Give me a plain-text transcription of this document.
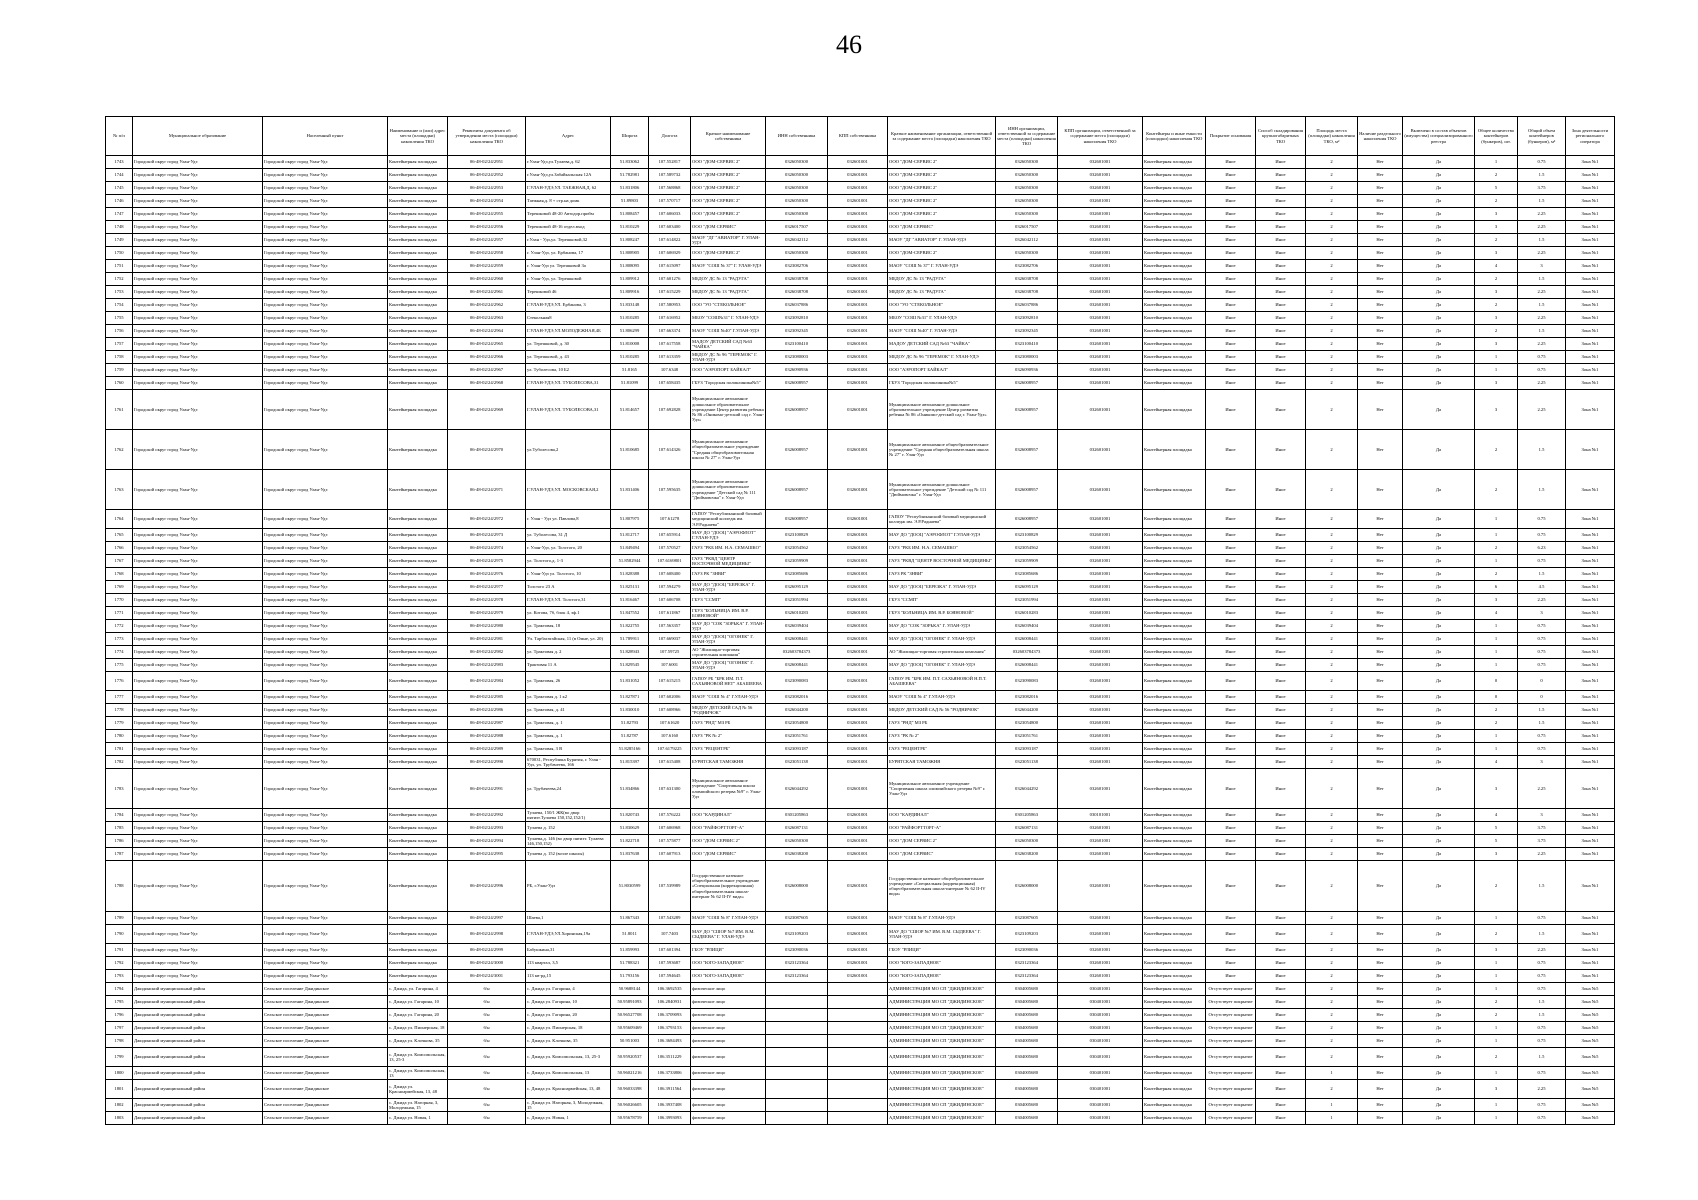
46
№ п/п	Муниципальное образование	Населенный пункт	Наименование и (или) адрес места (площадки) накопления ТКО	Реквизиты документа об утверждении места (площадки) накопления ТКО	Адрес	Широта	Долгота	Краткое наименование собственника	ИНН собственника	КПП собственника	Краткое наименование организации, ответственной за содержание места (площадки) накопления ТКО	ИНН организации, ответственной за содержание места (площадки) накопления ТКО	КПП организации, ответственной за содержание места (площадки) накопления ТКО	Контейнеры и иные емкости (площадки) накопления ТКО	Покрытие основания	Способ складирования крупногабаритных ТКО	Площадь места (площадки) накопления ТКО, м²	Наличие раздельного накопления ТКО	Включено в состав объектов (имущества) специализированного реестра	Общее количество контейнеров (бункеров), шт.	Общий объем контейнеров (бункеров), м³	Зона деятельности регионального оператора
1743	Городской округ город Улан-Удэ	Городской округ город Улан-Удэ	Контейнерная площадка	06-48-02/24/2951	г.Улан-Удэ,ул.Тулаева,д. 62	51.833062	107.552817	ООО "ДОМ-СЕРВИС 2"	0326050300	032601001	ООО "ДОМ-СЕРВИС 2"	0326050300	032601001	Контейнерная площадка	Иное	Иное	2	Нет	Да	1	0.75	Зона №1
1744	Городской округ город Улан-Удэ	Городской округ город Улан-Удэ	Контейнерная площадка	06-48-02/24/2952	г.Улан-Удэ,ул.Забайкальская 12А	51.782981	107.589732	ООО "ДОМ-СЕРВИС 2"	0326050300	032601001	ООО "ДОМ-СЕРВИС 2"	0326050300	032601001	Контейнерная площадка	Иное	Иное	2	Нет	Да	2	1.5	Зона №1
1745	Городской округ город Улан-Удэ	Городской округ город Улан-Удэ	Контейнерная площадка	06-48-02/24/2953	Г.УЛАН-УДЭ,УЛ. ТАЕЖНАЯ,Д. 62	51.831806	107.568868	ООО "ДОМ-СЕРВИС 2"	0326050300	032601001	ООО "ДОМ-СЕРВИС 2"	0326050300	032601001	Контейнерная площадка	Иное	Иное	2	Нет	Да	5	3.75	Зона №1
1746	Городской округ город Улан-Удэ	Городской округ город Улан-Удэ	Контейнерная площадка	06-48-02/24/2954	Таежная,д. 8 + стр.на домк	51.89803	107.570717	ООО "ДОМ-СЕРВИС 2"	0326050300	032601001	ООО "ДОМ-СЕРВИС 2"	0326050300	032601001	Контейнерная площадка	Иное	Иное	2	Нет	Да	2	1.5	Зона №1
1747	Городской округ город Улан-Удэ	Городской округ город Улан-Удэ	Контейнерная площадка	06-48-02/24/2955	Терешковой 48-20 Автодор.прибм	51.808457	107.606033	ООО "ДОМ-СЕРВИС 2"	0326050300	032601001	ООО "ДОМ-СЕРВИС 2"	0326050300	032601001	Контейнерная площадка	Иное	Иное	2	Нет	Да	3	2.25	Зона №1
1748	Городской округ город Улан-Удэ	Городской округ город Улан-Удэ	Контейнерная площадка	06-48-02/24/2956	Терешковой 48-16 отдел.вход	51.810229	107.603400	ООО "ДОМ СЕРВИС"	0326017507	032601001	ООО "ДОМ СЕРВИС"	0326017507	032601001	Контейнерная площадка	Иное	Иное	2	Нет	Да	3	2.25	Зона №1
1749	Городской округ город Улан-Удэ	Городской округ город Улан-Удэ	Контейнерная площадка	06-48-02/24/2957	г.Улан - Удэ,ул. Терешковой,32	51.808247	107.614822	МАОУ "ДГ "АВИАТОР" Г. УЛАН-УДЭ	0326042112	032601001	МАОУ "ДГ "АВИАТОР" Г. УЛАН-УДЭ	0326042112	032601001	Контейнерная площадка	Иное	Иное	2	Нет	Да	2	1.5	Зона №1
1750	Городской округ город Улан-Удэ	Городской округ город Улан-Удэ	Контейнерная площадка	06-48-02/24/2958	г. Улан-Удэ, ул. Ербанова, 17	51.808905	107.606929	ООО "ДОМ-СЕРВИС 2"	0326050300	032601001	ООО "ДОМ-СЕРВИС 2"	0326050300	032601001	Контейнерная площадка	Иное	Иное	2	Нет	Да	3	2.25	Зона №1
1751	Городской округ город Улан-Удэ	Городской округ город Улан-Удэ	Контейнерная площадка	06-48-02/24/2959	г. Улан-Удэ ул. Терешковой 3а	51.808095	107.615097	МАОУ "СОШ № 37" Г. УЛАН-УДЭ	0323082706	032601001	МАОУ "СОШ № 37" Г. УЛАН-УДЭ	0323082706	032601001	Контейнерная площадка	Иное	Иное	2	Нет	Да	4	3	Зона №1
1752	Городской округ город Улан-Удэ	Городской округ город Улан-Удэ	Контейнерная площадка	06-48-02/24/2960	г. Улан-Удэ, ул. Терешковой	51.809912	107.601276	МБДОУ ДС № 13 "РАДУГА"	0326038708	032601001	МБДОУ ДС № 13 "РАДУГА"	0326038708	032601001	Контейнерная площадка	Иное	Иное	2	Нет	Да	2	1.5	Зона №1
1753	Городской округ город Улан-Удэ	Городской округ город Улан-Удэ	Контейнерная площадка	06-48-02/24/2961	Терешковой 46	51.809916	107.615229	МБДОУ ДС № 13 "РАДУГА"	0326038708	032601001	МБДОУ ДС № 13 "РАДУГА"	0326038708	032601001	Контейнерная площадка	Иное	Иное	2	Нет	Да	3	2.25	Зона №1
1754	Городской округ город Улан-Удэ	Городской округ город Улан-Удэ	Контейнерная площадка	06-48-02/24/2962	Г.УЛАН-УДЭ,УЛ. Ербанова, 3	51.833148	107.580953	ООО "УО "СТЕКОЛЬНОЕ"	0326037886	032601001	ООО "УО "СТЕКОЛЬНОЕ"	0326037886	032601001	Контейнерная площадка	Иное	Иное	2	Нет	Да	2	1.5	Зона №1
1755	Городской округ город Улан-Удэ	Городской округ город Улан-Удэ	Контейнерная площадка	06-48-02/24/2963	Стекольная8	51.810285	107.616952	МБОУ "СОШ№31" Г. УЛАН-УДЭ	0323092810	032601001	МБОУ "СОШ №31" Г. УЛАН-УДЭ	0323092810	032601001	Контейнерная площадка	Иное	Иное	2	Нет	Да	3	2.25	Зона №1
1756	Городской округ город Улан-Удэ	Городской округ город Улан-Удэ	Контейнерная площадка	06-48-02/24/2964	Г.УЛАН-УДЭ,УЛ.МОЛОДЕЖНАЯ,4Б	51.806299	107.663374	МАОУ "СОШ №40" Г.УЛАН-УДЭ	0323092345	032601001	МАОУ "СОШ №40" Г. УЛАН-УДЭ	0323092345	032601001	Контейнерная площадка	Иное	Иное	2	Нет	Да	2	1.5	Зона №1
1757	Городской округ город Улан-Удэ	Городской округ город Улан-Удэ	Контейнерная площадка	06-48-02/24/2965	ул. Терешковой, д. 30	51.810008	107.617558	МАДОУ ДЕТСКИЙ САД №63 "ЧАЙКА"	0323100410	032601001	МАДОУ ДЕТСКИЙ САД №63 "ЧАЙКА"	0323100410	032601001	Контейнерная площадка	Иное	Иное	2	Нет	Да	3	2.25	Зона №1
1758	Городской округ город Улан-Удэ	Городской округ город Улан-Удэ	Контейнерная площадка	06-48-02/24/2966	ул. Терешковой, д. 43	51.810285	107.613359	МБДОУ ДС № 96 "ТЕРЕМОК" Г. УЛАН-УДЭ	0323080003	032601001	МБДОУ ДС № 96 "ТЕРЕМОК" Г. УЛАН-УДЭ	0323080003	032601001	Контейнерная площадка	Иное	Иное	2	Нет	Да	1	0.75	Зона №1
1759	Городской округ город Улан-Удэ	Городской округ город Улан-Удэ	Контейнерная площадка	06-48-02/24/2967	ул. Туболесова, 10 Б2	51.8165	107.6348	ООО "АЭРОПОРТ БАЙКАЛ"	0326090936	032601001	ООО "АЭРОПОРТ БАЙКАЛ"	0326090936	032601001	Контейнерная площадка	Иное	Иное	2	Нет	Да	1	0.75	Зона №1
1760	Городской округ город Улан-Удэ	Городской округ город Улан-Удэ	Контейнерная площадка	06-48-02/24/2968	Г.УЛАН-УДЭ,УЛ. ТУБОЛЕСОВА,31	51.81099	107.658435	ГБУЗ "Городская поликлиника№5"	0326008957	032601001	ГБУЗ "Городская поликлиника№5"	0326008957	032601001	Контейнерная площадка	Иное	Иное	2	Нет	Да	3	2.25	Зона №1
1761	Городской округ город Улан-Удэ	Городской округ город Улан-Удэ	Контейнерная площадка	06-48-02/24/2969	Г.УЛАН-УДЭ,УЛ. ТУБОЛЕСОВА,31	51.814657	107.692828	Муниципальное автономное дошкольное образовательное учреждение Центр развития ребенка № 86 «Оникомо-детский сад г. Улан-Удэ»	0326008957	032601001	Муниципальное автономное дошкольное образовательное учреждение Центр развития ребенка № 86 «Оникомо-детский сад г. Улан-Удэ»	0326008957	032601001	Контейнерная площадка	Иное	Иное	2	Нет	Да	3	2.25	Зона №1
1762	Городской округ город Улан-Удэ	Городской округ город Улан-Удэ	Контейнерная площадка	06-48-02/24/2970	ул.Туболесова,2	51.810685	107.614326	Муниципальное автономное общеобразовательное учреждение "Средняя общеобразовательная школа № 27" г. Улан-Удэ	0326008957	032601001	Муниципальное автономное общеобразовательное учреждение "Средняя общеобразовательная школа № 27" г. Улан-Удэ	0326008957	032601001	Контейнерная площадка	Иное	Иное	2	Нет	Да	2	1.5	Зона №1
1763	Городской округ город Улан-Удэ	Городской округ город Улан-Удэ	Контейнерная площадка	06-48-02/24/2971	Г.УЛАН-УДЭ,УЛ. МОСКОВСКАЯ,2	51.831406	107.595635	Муниципальное автономное дошкольное образовательное учреждение "Детский сад № 111 "Дюймовочка" г. Улан-Удэ	0326008957	032601001	Муниципальное автономное дошкольное образовательное учреждение "Детский сад № 111 "Дюймовочка" г. Улан-Удэ	0326008957	032601001	Контейнерная площадка	Иное	Иное	2	Нет	Да	2	1.5	Зона №1
1764	Городской округ город Улан-Удэ	Городской округ город Улан-Удэ	Контейнерная площадка	06-48-02/24/2972	г. Улан - Удэ ул. Павлова,8	51.807975	107.61278	ГАПОУ "Республиканский базовый медицинский колледж им. Э.Р.Раднаева"	0326008957	032601001	ГАПОУ "Республиканский базовый медицинский колледж им. Э.Р.Раднаева"	0326008957	032601001	Контейнерная площадка	Иное	Иное	2	Нет	Да	1	0.75	Зона №1
1765	Городской округ город Улан-Удэ	Городской округ город Улан-Удэ	Контейнерная площадка	06-48-02/24/2973	ул. Туболесова, 31 Д	51.812717	107.655914	МАУ ДО "ДООЦ "АЭРОФЛОТ" Г.УЛАН-УДЭ	0323100829	032601001	МАУ ДО "ДООЦ "АЭРОФЛОТ" Г.УЛАН-УДЭ	0323100829	032601001	Контейнерная площадка	Иное	Иное	2	Нет	Да	1	0.75	Зона №1
1766	Городской округ город Улан-Удэ	Городской округ город Улан-Удэ	Контейнерная площадка	06-48-02/24/2974	г. Улан-Удэ, ул. Толстого, 20	51.849494	107.570527	ГАУЗ "РКБ ИМ. Н.А. СЕМАШКО"	0323054562	032601001	ГАУЗ "РКБ ИМ. Н.А. СЕМАШКО"	0323054562	032601001	Контейнерная площадка	Иное	Иное	2	Нет	Да	2	6.23	Зона №1
1767	Городской округ город Улан-Удэ	Городской округ город Улан-Удэ	Контейнерная площадка	06-48-02/24/2975	ул. Толстого,д. 1-3	51.8582944	107.6169801	ГАУЗ "РКВД "ЦЕНТР ВОСТОЧНОЙ МЕДИЦИНЫ"	0323059909	032601001	ГАУЗ "РКВД "ЦЕНТР ВОСТОЧНОЙ МЕДИЦИНЫ"	0323059909	032601001	Контейнерная площадка	Иное	Иное	2	Нет	Да	1	0.75	Зона №1
1768	Городской округ город Улан-Удэ	Городской округ город Улан-Удэ	Контейнерная площадка	06-48-02/24/2976	г. Улан-Удэ ул. Толстого, 10	51.828388	107.608400	ГАУЗ РК "ЗНВИ"	0323085686	032601001	ГАУЗ РК "ЗНВИ"	0323085686	032601001	Контейнерная площадка	Иное	Иное	2	Нет	Да	2	1.5	Зона №1
1769	Городской округ город Улан-Удэ	Городской округ город Улан-Удэ	Контейнерная площадка	06-48-02/24/2977	Толстого 23 А	51.825131	107.594279	МАУ ДО "ДООЦ "БЕРЕЗКА" Г. УЛАН-УДЭ	0326095129	032601001	МАУ ДО "ДООЦ "БЕРЕЗКА" Г. УЛАН-УДЭ	0326095129	032601001	Контейнерная площадка	Иное	Иное	2	Нет	Да	6	4.5	Зона №1
1770	Городской округ город Улан-Удэ	Городской округ город Улан-Удэ	Контейнерная площадка	06-48-02/24/2978	Г.УЛАН-УДЭ,УЛ. Толстого,31	51.816467	107.606708	ГБУЗ "ССМП"	0323051994	032601001	ГБУЗ "ССМП"	0323051994	032601001	Контейнерная площадка	Иное	Иное	2	Нет	Да	3	2.25	Зона №1
1771	Городской округ город Улан-Удэ	Городской округ город Улан-Удэ	Контейнерная площадка	06-48-02/24/2979	ул. Котова, 7б, блок 4, эф.1	51.847552	107.611867	ГБУЗ "БОЛЬНИЦА ИМ. В.Р. БОЯНОВОЙ"	0326010283	032601001	ГБУЗ "БОЛЬНИЦА ИМ. В.Р. БОЯНОВОЙ"	0326010283	032601001	Контейнерная площадка	Иное	Иное	2	Нет	Да	4	3	Зона №1
1772	Городской округ город Улан-Удэ	Городской округ город Улан-Удэ	Контейнерная площадка	06-48-02/24/2980	ул. Трактовая, 18	51.822755	107.563357	МАУ ДО "СОК "ЗОРЬКА" Г. УЛАН-УДЭ	0326039404	032601001	МАУ ДО "СОК "ЗОРЬКА" Г. УЛАН-УДЭ	0326039404	032601001	Контейнерная площадка	Иное	Иное	2	Нет	Да	1	0.75	Зона №1
1773	Городской округ город Улан-Удэ	Городской округ город Улан-Удэ	Контейнерная площадка	06-48-02/24/2981	Ул. Тарбагатайская, 11 (в Омне, ул. 20)	51.789911	107.669037	МАУ ДО "ДООЦ "ОГОНЕК" Г. УЛАН-УДЭ	0326008441	032601001	МАУ ДО "ДООЦ "ОГОНЕК" Г. УЛАН-УДЭ	0326008441	032601001	Контейнерная площадка	Иное	Иное	2	Нет	Да	1	0.75	Зона №1
1774	Городской округ город Улан-Удэ	Городской округ город Улан-Удэ	Контейнерная площадка	06-48-02/24/2982	ул. Трактовая д. 2	51.828943	107.59725	АО "Жилищно-торговая строительная компания"	032603784373	032601001	АО "Жилищно-торговая строительная компания"	032603784373	032601001	Контейнерная площадка	Иное	Иное	2	Нет	Да	1	0.75	Зона №1
1775	Городской округ город Улан-Удэ	Городской округ город Улан-Удэ	Контейнерная площадка	06-48-02/24/2983	Трактовая 11 А	51.829545	107.6001	МАУ ДО "ДООЦ "ОГОНЕК" Г. УЛАН-УДЭ	0326008441	032601001	МАУ ДО "ДООЦ "ОГОНЕК" Г. УЛАН-УДЭ	0326008441	032601001	Контейнерная площадка	Иное	Иное	2	Нет	Да	1	0.75	Зона №1
1776	Городской округ город Улан-Удэ	Городской округ город Улан-Удэ	Контейнерная площадка	06-48-02/24/2984	ул. Трактовая, 26	51.831052	107.615215	ГАПОУ РБ "БРК ИМ. П.Т. САХЬЯНОВОЙ НЕТ" АБАШЕЕВА	0323090083	032601001	ГАПОУ РБ "БРК ИМ. П.Т. САХЬЯНОВОЙ Н.П.Т. АБАШЕЕВА"	0323090083	032601001	Контейнерная площадка	Иное	Иное	2	Нет	Да	0	0	Зона №1
1777	Городской округ город Улан-Удэ	Городской округ город Улан-Удэ	Контейнерная площадка	06-48-02/24/2985	ул. Трактовая д. 1 к2	51.827871	107.602006	МАОУ "СОШ № 4" Г.УЛАН-УДЭ	0323082016	032601001	МАОУ "СОШ № 4" Г.УЛАН-УДЭ	0323082016	032601001	Контейнерная площадка	Иное	Иное	2	Нет	Да	0	0	Зона №1
1778	Городской округ город Улан-Удэ	Городской округ город Улан-Удэ	Контейнерная площадка	06-48-02/24/2986	ул. Трактовая, д. 41	51.830010	107.608966	МБДОУ ДЕТСКИЙ САД № 56 "РОДНИЧОК"	0326044200	032601001	МБДОУ ДЕТСКИЙ САД № 56 "РОДНИЧОК"	0326044200	032601001	Контейнерная площадка	Иное	Иное	2	Нет	Да	2	1.5	Зона №1
1779	Городской округ город Улан-Удэ	Городской округ город Улан-Удэ	Контейнерная площадка	06-48-02/24/2987	ул. Трактовая, д. 1	51.82793	107.61620	ГАУЗ "РНД" МЗ РБ	0323054800	032601001	ГАУЗ "РНД" МЗ РБ	0323054800	032601001	Контейнерная площадка	Иное	Иное	2	Нет	Да	2	1.5	Зона №1
1780	Городской округ город Улан-Удэ	Городской округ город Улан-Удэ	Контейнерная площадка	06-48-02/24/2988	ул. Трактовая, д. 1	51.82787	107.6160	ГАУЗ "РК № 2"	0323051761	032601001	ГАУЗ "РК № 2"	0323051761	032601001	Контейнерная площадка	Иное	Иное	2	Нет	Да	1	0.75	Зона №1
1781	Городской округ город Улан-Удэ	Городской округ город Улан-Удэ	Контейнерная площадка	06-48-02/24/2989	ул. Трактовая, 3 В	51.8285166	107.6179225	ГАУЗ "РЕЦЕНТРБ"	0323093187	032601001	ГАУЗ "РЕЦЕНТРБ"	0323093187	032601001	Контейнерная площадка	Иное	Иное	2	Нет	Да	1	0.75	Зона №1
1782	Городской округ город Улан-Удэ	Городской округ город Улан-Удэ	Контейнерная площадка	06-48-02/24/2990	670031, Республика Бурятия, г. Улан - Удэ, ул. Трубачеева, 166	51.815397	107.615408	БУРЯТСКАЯ ТАМОЖНЯ	0323051138	032601001	БУРЯТСКАЯ ТАМОЖНЯ	0323051138	032601001	Контейнерная площадка	Иное	Иное	2	Нет	Да	4	3	Зона №1
1783	Городской округ город Улан-Удэ	Городской округ город Улан-Удэ	Контейнерная площадка	06-48-02/24/2991	ул. Трубачеева,24	51.834866	107.631300	Муниципальное автономное учреждение "Спортивная школа олимпийского резерва №9" г. Улан-Удэ	0326044292	032601001	Муниципальное автономное учреждение "Спортивная школа олимпийского резерва №9" г. Улан-Удэ	0326044292	032601001	Контейнерная площадка	Иное	Иное	2	Нет	Да	3	2.25	Зона №1
1784	Городской округ город Улан-Удэ	Городской округ город Улан-Удэ	Контейнерная площадка	06-48-02/24/2992	Тулаева, 150/1 ЖК(во двор пятиэт.Тулаева 150,152,152/1)	51.820743	107.576222	ООО "КАРДИНАЛ"	0301205863	032601001	ООО "КАРДИНАЛ"	0301205863	030101001	Контейнерная площадка	Иное	Иное	2	Нет	Да	4	3	Зона №1
1785	Городской округ город Улан-Удэ	Городской округ город Улан-Удэ	Контейнерная площадка	06-48-02/24/2993	Тулаева д. 152	51.830629	107.606968	ООО "РАЙФОРТТОРГ-А"	0326087131	032601001	ООО "РАЙФОРТТОРГ-А"	0326087131	032601001	Контейнерная площадка	Иное	Иное	2	Нет	Да	5	3.75	Зона №1
1786	Городской округ город Улан-Удэ	Городской округ город Улан-Удэ	Контейнерная площадка	06-48-02/24/2994	Тулаева,д. 146 (во двор пятиэт. Тулаева 146,150,152)	51.822718	107.575877	ООО "ДОМ СЕРВИС 2"	0326050300	032601001	ООО "ДОМ СЕРВИС 2"	0326050300	032601001	Контейнерная площадка	Иное	Иное	2	Нет	Да	5	3.75	Зона №1
1787	Городской округ город Улан-Удэ	Городской округ город Улан-Удэ	Контейнерная площадка	06-48-02/24/2995	Тулаева д. 152 (возле школы)	51.837638	107.607913	ООО "ДОМ СЕРВИС"	0326038200	032601001	ООО "ДОМ СЕРВИС"	0326038200	032601001	Контейнерная площадка	Иное	Иное	2	Нет	Да	3	2.25	Зона №1
1788	Городской округ город Улан-Удэ	Городской округ город Улан-Удэ	Контейнерная площадка	06-48-02/24/2996	РБ, г.Улан-Удэ	51.8030599	107.539989	Государственное казенное общеобразовательное учреждение «Специальная (коррекционная) общеобразовательная школа-интернат № 62 II-IV вида»	0326008000	032601001	Государственное казенное общеобразовательное учреждение «Специальная (коррекционная) общеобразовательная школа-интернат № 62 II-IV вида»	0326008000	032601001	Контейнерная площадка	Иное	Иное	2	Нет	Да	2	1.5	Зона №1
1789	Городской округ город Улан-Удэ	Городской округ город Улан-Удэ	Контейнерная площадка	06-48-02/24/2997	Шаева,1	51.867343	107.543289	МАОУ "СОШ № 8" Г.УЛАН-УДЭ	0323087605	032601001	МАОУ "СОШ № 8" Г.УЛАН-УДЭ	0323087605	032601001	Контейнерная площадка	Иное	Иное	2	Нет	Да	1	0.75	Зона №1
1790	Городской округ город Улан-Удэ	Городской округ город Улан-Удэ	Контейнерная площадка	06-48-02/24/2998	Г.УЛАН-УДЭ,УЛ.Хоринская,19а	51.8011	107.7403	МАУ ДО "СШОР №7 ИМ. В.М. СЫДЕЕВА" Г. УЛАН-УДЭ	0323109203	032601001	МАУ ДО "СШОР №7 ИМ. В.М. СЫДЕЕВА" Г. УЛАН-УДЭ	0323109203	032601001	Контейнерная площадка	Иное	Иное	2	Нет	Да	2	1.5	Зона №1
1791	Городской округ город Улан-Удэ	Городской округ город Улан-Удэ	Контейнерная площадка	06-48-02/24/2999	Бабушкина,31	51.859993	107.601394	ГБОУ "РЛИЦИ"	0323090036	032601001	ГБОУ "РЛИЦИ"	0323090036	032601001	Контейнерная площадка	Иное	Иное	2	Нет	Да	3	2.25	Зона №1
1792	Городской округ город Улан-Удэ	Городской округ город Улан-Удэ	Контейнерная площадка	06-48-02/24/3000	113 квартал, 3,5	51.788321	107.593687	ООО "ЮГО-ЗАПАДНОЕ"	0323123364	032601001	ООО "ЮГО-ЗАПАДНОЕ"	0323123364	032601001	Контейнерная площадка	Иное	Иное	2	Нет	Да	1	0.75	Зона №1
1793	Городской округ город Улан-Удэ	Городской округ город Улан-Удэ	Контейнерная площадка	06-48-02/24/3001	113 кв-рд,15	51.793156	107.594645	ООО "ЮГО-ЗАПАДНОЕ"	0323123364	032601001	ООО "ЮГО-ЗАПАДНОЕ"	0323123364	032601001	Контейнерная площадка	Иное	Иное	2	Нет	Да	1	0.75	Зона №1
1794	Джидинский муниципальный район	Сельское поселение Джидинское	с. Джида, ул. Гагарина, 4	б/н	с. Джида ул. Гагарина, 4	50.9688144	106.3692535	физическое лицо			АДМИНИСТРАЦИЯ МО СП "ДЖИДИНСКОЕ"	0304005680	030401001	Контейнерная площадка	Отсутствует покрытие	Иное	2	Нет	Да	1	0.75	Зона №5
1795	Джидинский муниципальный район	Сельское поселение Джидинское	с. Джида ул. Гагарина, 10	б/н	с. Джида ул. Гагарина, 10	50.95891093	106.2840931	физическое лицо			АДМИНИСТРАЦИЯ МО СП "ДЖИДИНСКОЕ"	0304005680	030401001	Контейнерная площадка	Отсутствует покрытие	Иное	2	Нет	Да	2	1.5	Зона №5
1796	Джидинский муниципальный район	Сельское поселение Джидинское	с. Джида ул. Гагарина, 20	б/н	с. Джида ул. Гагарина, 20	50.96527708	106.3709093	физическое лицо			АДМИНИСТРАЦИЯ МО СП "ДЖИДИНСКОЕ"	0304005680	030401001	Контейнерная площадка	Отсутствует покрытие	Иное	2	Нет	Да	2	1.5	Зона №5
1797	Джидинский муниципальный район	Сельское поселение Джидинское	с. Джида ул. Пионерская, 18	б/н	с. Джида ул. Пионерская, 18	50.95609469	106.3793153	физическое лицо			АДМИНИСТРАЦИЯ МО СП "ДЖИДИНСКОЕ"	0304005680	030401001	Контейнерная площадка	Отсутствует покрытие	Иное	2	Нет	Да	1	0.75	Зона №5
1798	Джидинский муниципальный район	Сельское поселение Джидинское	с. Джида ул. Клочкова, 35	б/н	с. Джида ул. Клочкова, 35	50.951003	106.3684493	физическое лицо			АДМИНИСТРАЦИЯ МО СП "ДЖИДИНСКОЕ"	0304005680	030401001	Контейнерная площадка	Отсутствует покрытие	Иное	2	Нет	Да	1	0.75	Зона №5
1799	Джидинский муниципальный район	Сельское поселение Джидинское	с. Джида ул. Комсомольская, 13, 25-3	б/н	с. Джида ул. Комсомольская, 13, 25-3	50.95920537	106.3511229	физическое лицо			АДМИНИСТРАЦИЯ МО СП "ДЖИДИНСКОЕ"	0304005680	030401001	Контейнерная площадка	Отсутствует покрытие	Иное	2	Нет	Да	2	1.5	Зона №5
1800	Джидинский муниципальный район	Сельское поселение Джидинское	с. Джида ул. Комсомольская, 13	б/н	с. Джида ул. Комсомольская, 13	50.96021216	106.3733806	физическое лицо			АДМИНИСТРАЦИЯ МО СП "ДЖИДИНСКОЕ"	0304005680	030401001	Контейнерная площадка	Отсутствует покрытие	Иное	1	Нет	Да	1	0.75	Зона №5
1801	Джидинский муниципальный район	Сельское поселение Джидинское	с. Джида ул. Красноармейская, 13, 48	б/н	с. Джида ул. Красноармейская, 13, 48	50.96033398	106.3911564	физическое лицо			АДМИНИСТРАЦИЯ МО СП "ДЖИДИНСКОЕ"	0304005680	030401001	Контейнерная площадка	Отсутствует покрытие	Иное	2	Нет	Да	3	2.25	Зона №5
1802	Джидинский муниципальный район	Сельское поселение Джидинское	с. Джида ул. Нагорная, 3, Молодежная, 15	б/н	с. Джида ул. Нагорная, 3, Молодежная, 15	50.96026605	106.3937408	физическое лицо			АДМИНИСТРАЦИЯ МО СП "ДЖИДИНСКОЕ"	0304005680	030401001	Контейнерная площадка	Отсутствует покрытие	Иное	1	Нет	Да	1	0.75	Зона №5
1803	Джидинский муниципальный район	Сельское поселение Джидинское	с. Джида ул. Новая, 1	б/н	с. Джида ул. Новая, 1	50.95678759	106.3993093	физическое лицо			АДМИНИСТРАЦИЯ МО СП "ДЖИДИНСКОЕ"	0304005680	030401001	Контейнерная площадка	Отсутствует покрытие	Иное	1	Нет	Да	1	0.75	Зона №5
